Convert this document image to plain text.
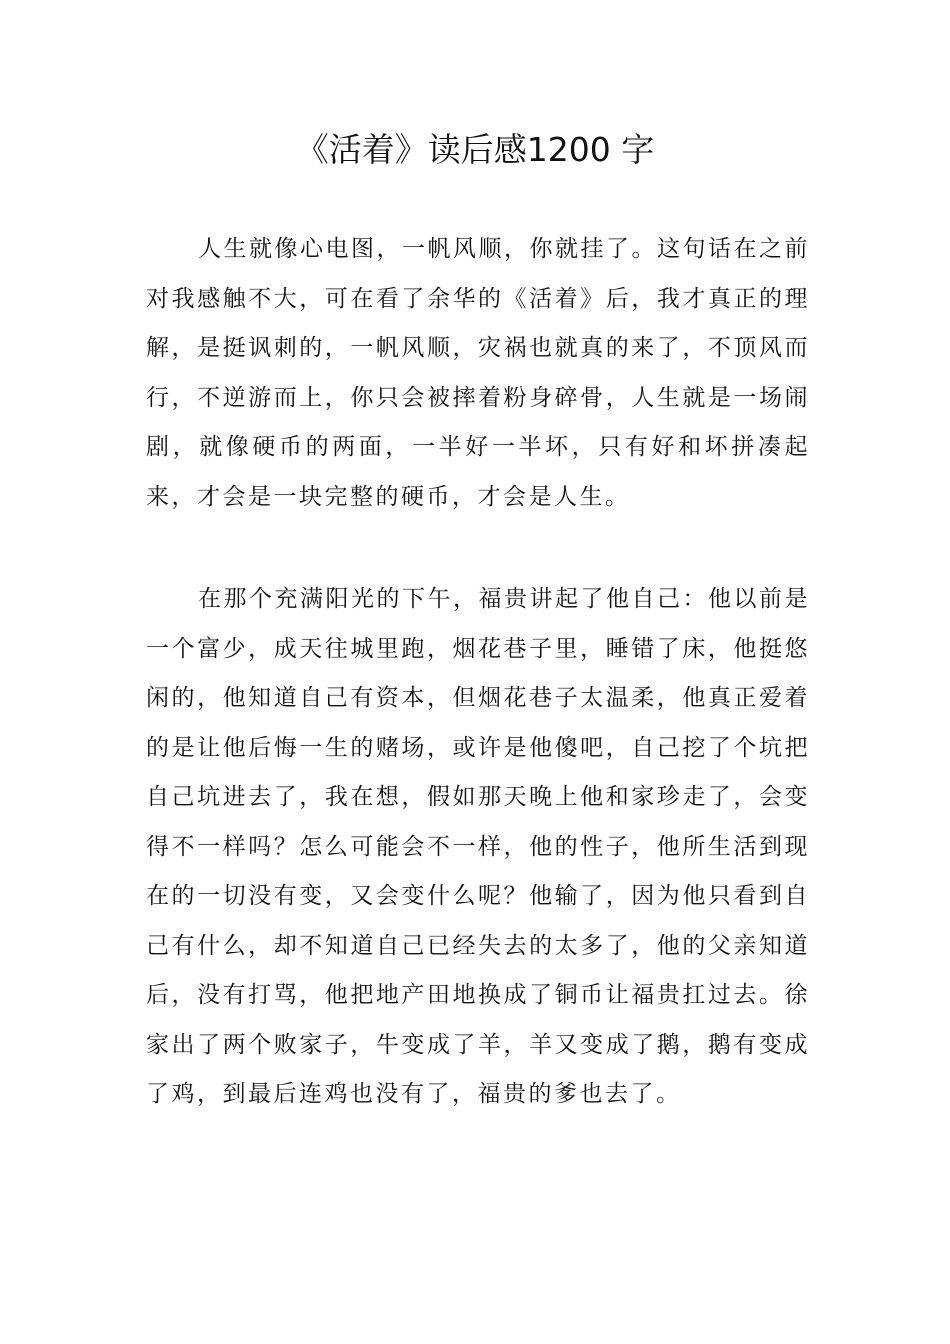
《活着》读后感1200 字

人生就像心电图，一帆风顺，你就挂了。这句话在之前对我感触不大，可在看了余华的《活着》后，我才真正的理解，是挺讽刺的，一帆风顺，灾祸也就真的来了，不顶风而行，不逆游而上，你只会被摔着粉身碎骨，人生就是一场闹剧，就像硬币的两面，一半好一半坏，只有好和坏拼凑起来，才会是一块完整的硬币，才会是人生。

在那个充满阳光的下午，福贵讲起了他自己：他以前是一个富少，成天往城里跑，烟花巷子里，睡错了床，他挺悠闲的，他知道自己有资本，但烟花巷子太温柔，他真正爱着的是让他后悔一生的赌场，或许是他傻吧，自己挖了个坑把自己坑进去了，我在想，假如那天晚上他和家珍走了，会变得不一样吗？怎么可能会不一样，他的性子，他所生活到现在的一切没有变，又会变什么呢？他输了，因为他只看到自己有什么，却不知道自己已经失去的太多了，他的父亲知道后，没有打骂，他把地产田地换成了铜币让福贵扛过去。徐家出了两个败家子，牛变成了羊，羊又变成了鹅，鹅有变成了鸡，到最后连鸡也没有了，福贵的爹也去了。
